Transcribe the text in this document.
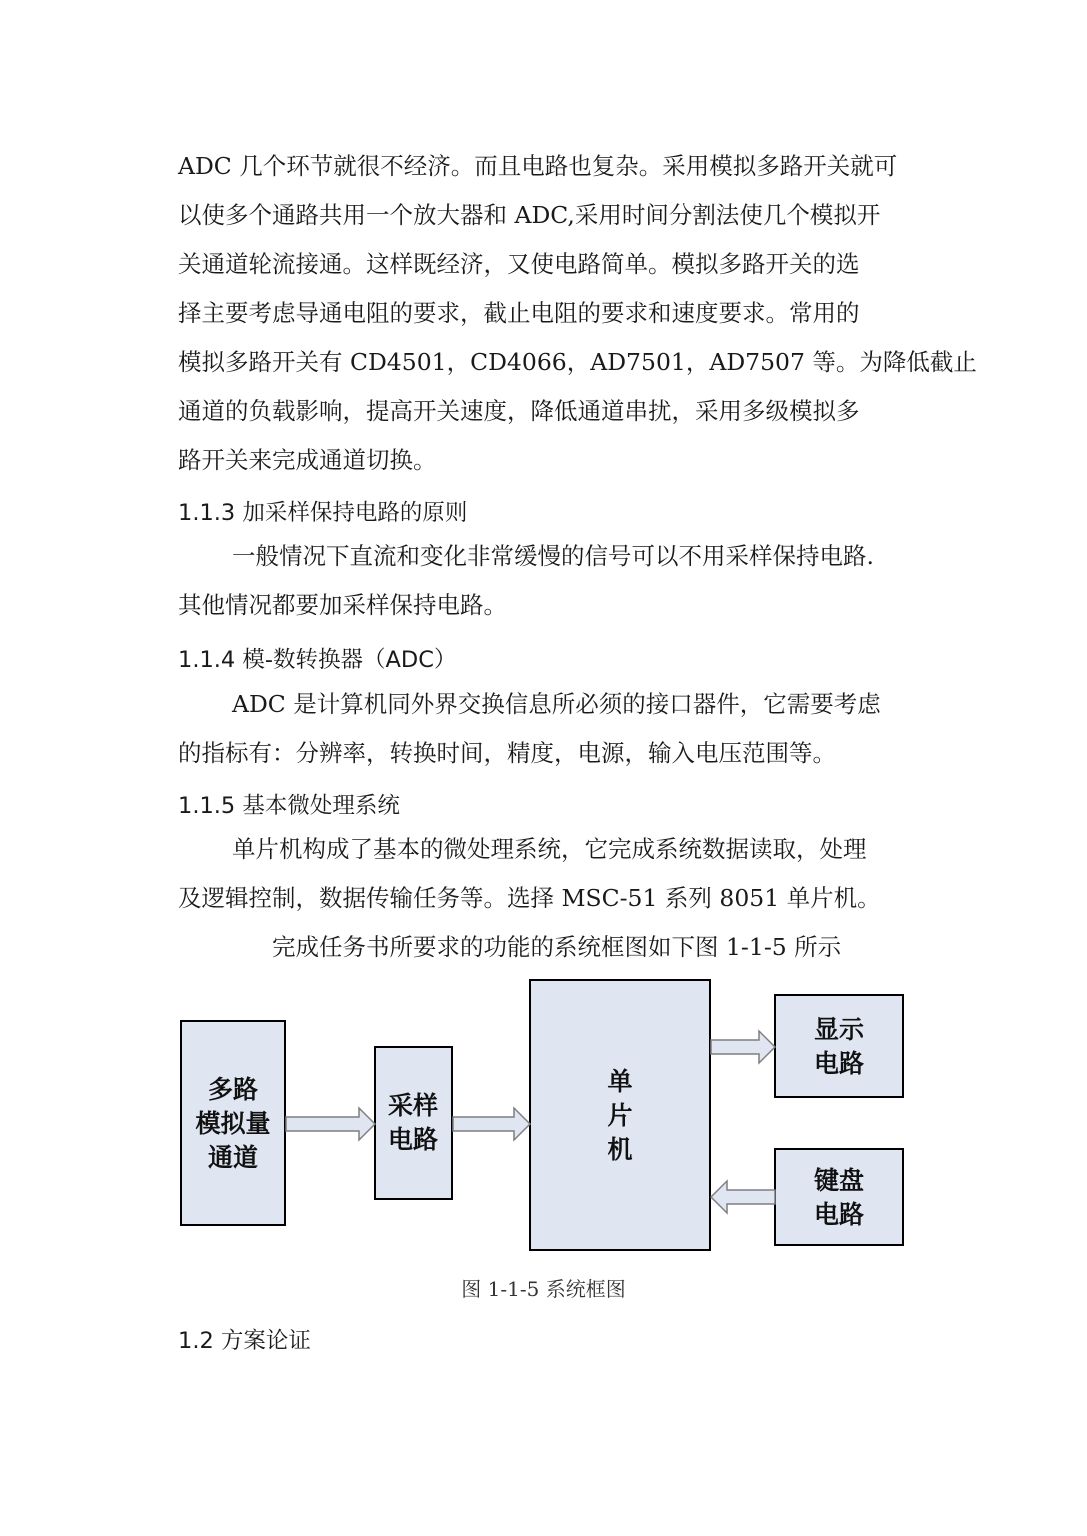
ADC 几个环节就很不经济。而且电路也复杂。采用模拟多路开关就可
以使多个通路共用一个放大器和 ADC,采用时间分割法使几个模拟开
关通道轮流接通。这样既经济，又使电路简单。模拟多路开关的选
择主要考虑导通电阻的要求，截止电阻的要求和速度要求。常用的
模拟多路开关有 CD4501，CD4066，AD7501，AD7507 等。为降低截止
通道的负载影响，提高开关速度，降低通道串扰，采用多级模拟多
路开关来完成通道切换。
1.1.3 加采样保持电路的原则
一般情况下直流和变化非常缓慢的信号可以不用采样保持电路.
其他情况都要加采样保持电路。
1.1.4 模-数转换器（ADC）
ADC 是计算机同外界交换信息所必须的接口器件，它需要考虑
的指标有：分辨率，转换时间，精度，电源，输入电压范围等。
1.1.5 基本微处理系统
单片机构成了基本的微处理系统，它完成系统数据读取，处理
及逻辑控制，数据传输任务等。选择 MSC-51 系列 8051 单片机。
完成任务书所要求的功能的系统框图如下图 1-1-5 所示
多路
模拟量
通道
采样
电路
单
片
机
显示
电路
键盘
电路
图 1-1-5 系统框图
1.2 方案论证
